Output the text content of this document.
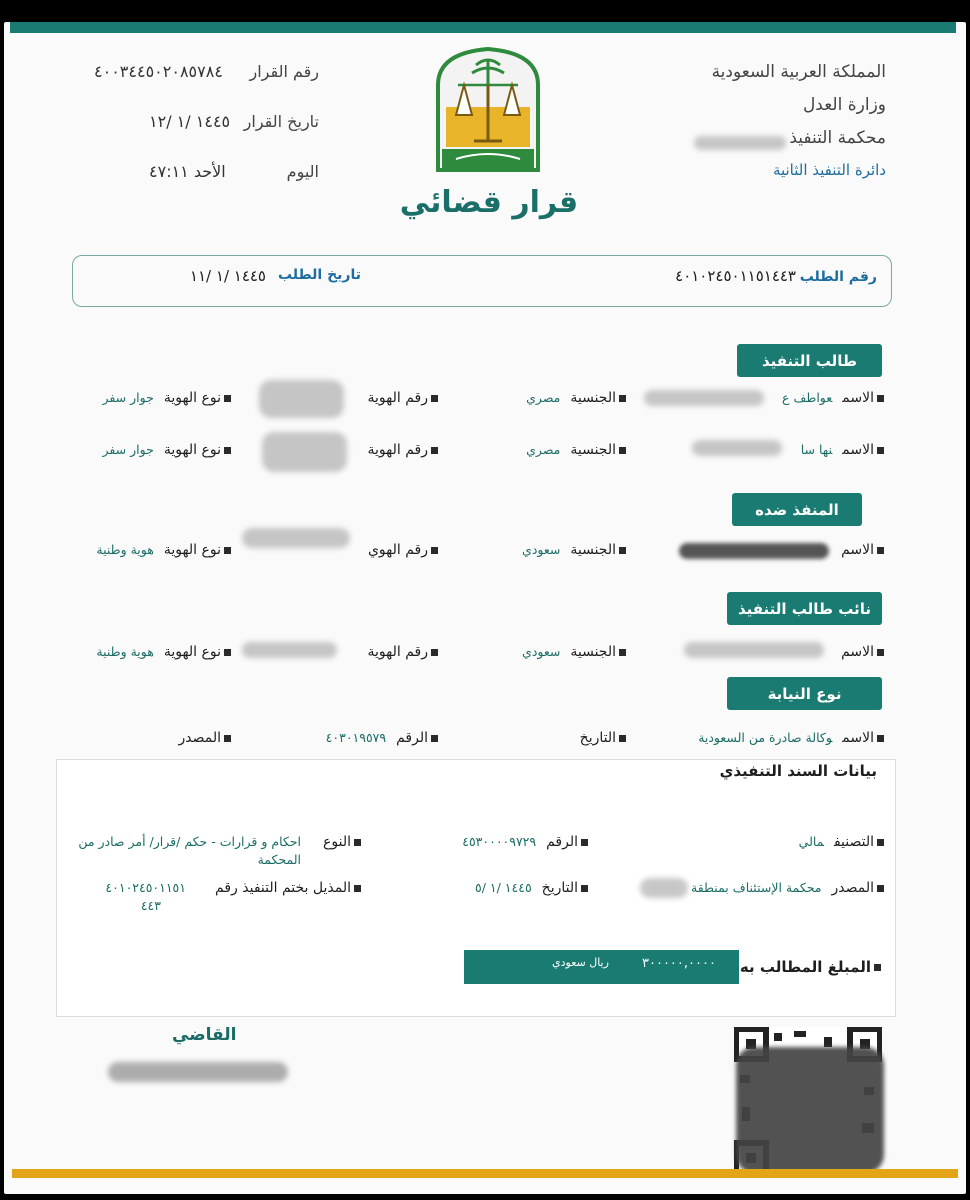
المملكة العربية السعودية
وزارة العدل
محكمة التنفيذ
دائرة التنفيذ الثانية
رقم القرار
٤٠٠٣٤٤٥٠٢٠٨٥٧٨٤
تاريخ القرار
١٤٤٥ /١ /١٢
اليوم
الأحد ٤٧:١١
قرار قضائي
رقم الطلب
٤٠١٠٢٤٥٠١١٥١٤٤٣
تاريخ الطلب
١٤٤٥ /١ /١١
طالب التنفيذ
الاسمعواطف ع
الجنسيةمصري
رقم الهوية
نوع الهويةجوار سفر
الاسمنها سا
الجنسيةمصري
رقم الهوية
نوع الهويةجوار سفر
المنفذ ضده
الاسم
الجنسيةسعودي
رقم الهوي
نوع الهويةهوية وطنية
نائب طالب التنفيذ
الاسم
الجنسيةسعودي
رقم الهوية
نوع الهويةهوية وطنية
نوع النيابة
الاسموكالة صادرة من السعودية
التاريخ
الرقم٤٠٣٠١٩٥٧٩
المصدر
بيانات السند التنفيذي
التصنيفمالي
الرقم٤٥٣٠٠٠٠٩٧٢٩
النوع
احكام و قرارات - حكم /قرار/ أمر صادر من
المحكمة
المصدرمحكمة الإستئناف بمنطقة
التاريخ١٤٤٥ /١ /٥
المذيل بختم التنفيذ رقم
٤٠١٠٢٤٥٠١١٥١
٤٤٣
المبلغ المطالب به
٣٠٠٠٠٠,٠٠٠٠
ريال سعودي
القاضي
